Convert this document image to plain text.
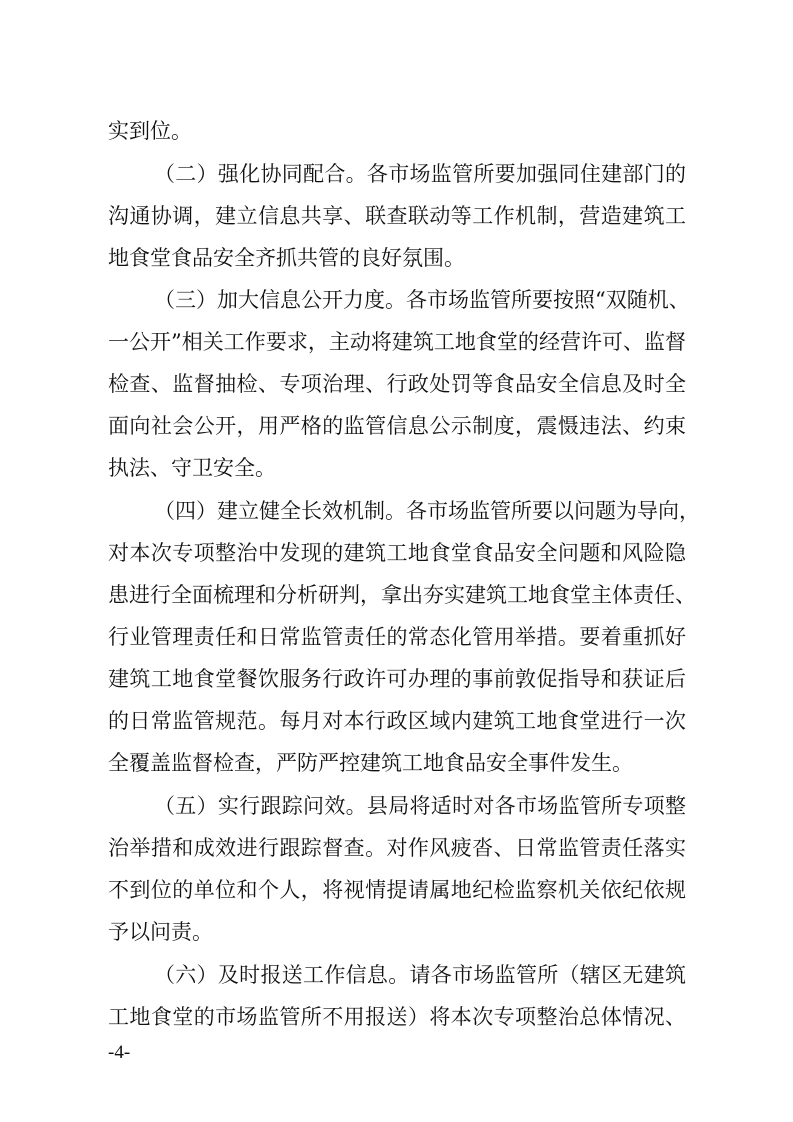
实到位。
（二）强化协同配合。各市场监管所要加强同住建部门的
沟通协调，建立信息共享、联查联动等工作机制，营造建筑工
地食堂食品安全齐抓共管的良好氛围。
（三）加大信息公开力度。各市场监管所要按照“双随机、
一公开”相关工作要求，主动将建筑工地食堂的经营许可、监督
检查、监督抽检、专项治理、行政处罚等食品安全信息及时全
面向社会公开，用严格的监管信息公示制度，震慑违法、约束
执法、守卫安全。
（四）建立健全长效机制。各市场监管所要以问题为导向，
对本次专项整治中发现的建筑工地食堂食品安全问题和风险隐
患进行全面梳理和分析研判，拿出夯实建筑工地食堂主体责任、
行业管理责任和日常监管责任的常态化管用举措。要着重抓好
建筑工地食堂餐饮服务行政许可办理的事前敦促指导和获证后
的日常监管规范。每月对本行政区域内建筑工地食堂进行一次
全覆盖监督检查，严防严控建筑工地食品安全事件发生。
（五）实行跟踪问效。县局将适时对各市场监管所专项整
治举措和成效进行跟踪督查。对作风疲沓、日常监管责任落实
不到位的单位和个人，将视情提请属地纪检监察机关依纪依规
予以问责。
（六）及时报送工作信息。请各市场监管所（辖区无建筑
工地食堂的市场监管所不用报送）将本次专项整治总体情况、
-4-
